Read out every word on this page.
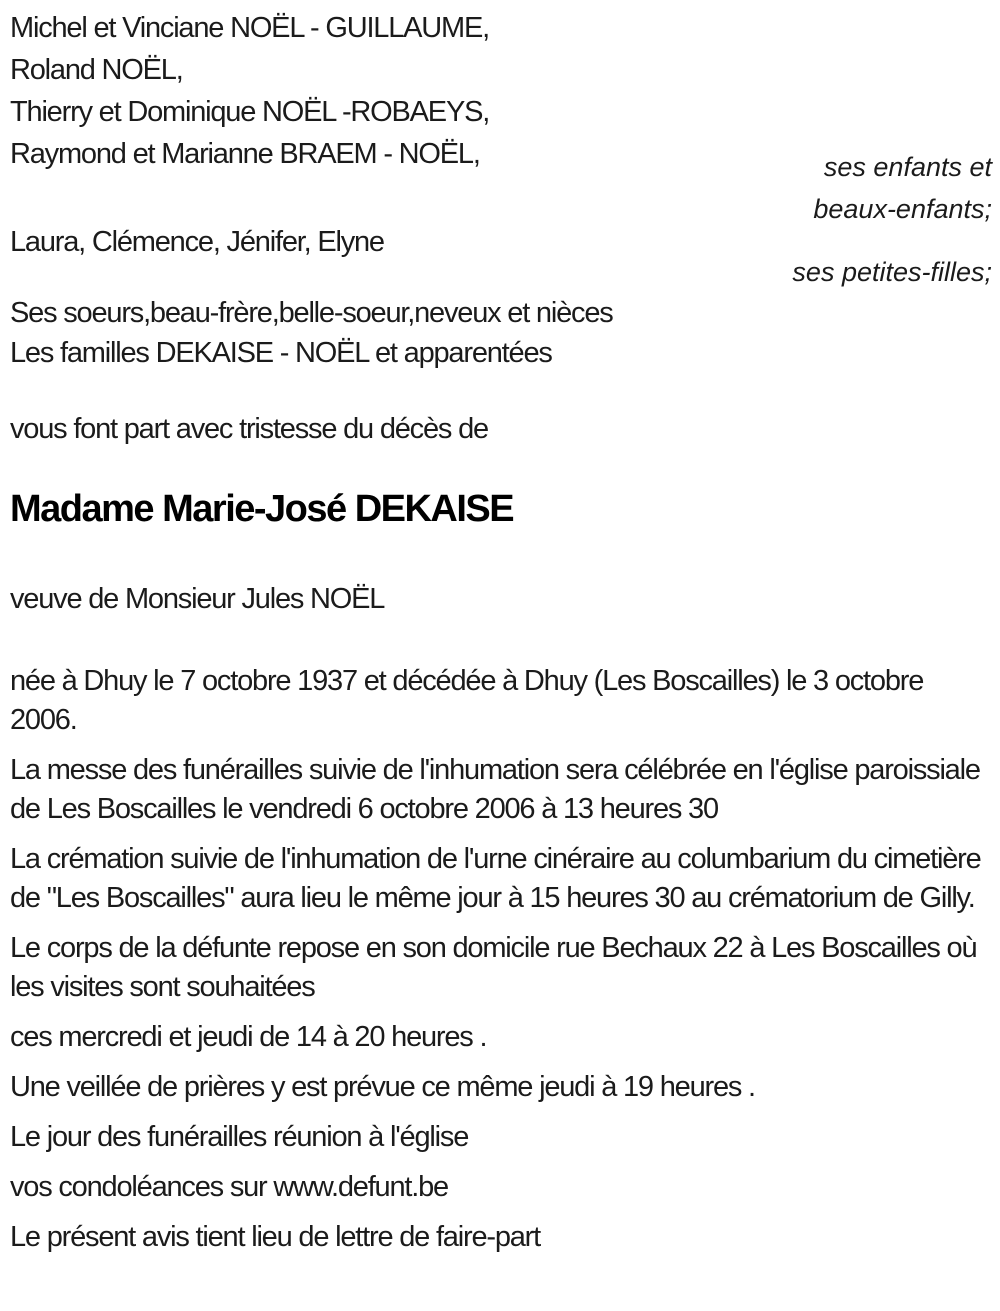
Michel et Vinciane NOËL - GUILLAUME,

Roland NOËL,

Thierry et Dominique NOËL -ROBAEYS,

Raymond et Marianne BRAEM - NOËL,	ses enfants et

beaux-enfants;

Laura, Clémence, Jénifer, Elyne

ses petites-filles;

Ses soeurs,beau-frère,belle-soeur,neveux et nièces

Les familles DEKAISE - NOËL et apparentées

vous font part avec tristesse du décès de

Madame Marie-José DEKAISE

veuve de Monsieur Jules NOËL

née à Dhuy le 7 octobre 1937 et décédée à Dhuy (Les Boscailles) le 3 octobre 2006.

La messe des funérailles suivie de l'inhumation sera célébrée en l'église paroissiale de Les Boscailles le vendredi 6 octobre 2006 à 13 heures 30

La crémation suivie de l'inhumation de l'urne cinéraire au columbarium du cimetière de "Les Boscailles" aura lieu le même jour à 15 heures 30 au crématorium de Gilly.

Le corps de la défunte repose en son domicile rue Bechaux 22 à Les Boscailles où les visites sont souhaitées

ces mercredi et jeudi de 14 à 20 heures .

Une veillée de prières y est prévue ce même jeudi à 19 heures .

Le jour des funérailles réunion à l'église

vos condoléances sur www.defunt.be

Le présent avis tient lieu de lettre de faire-part
